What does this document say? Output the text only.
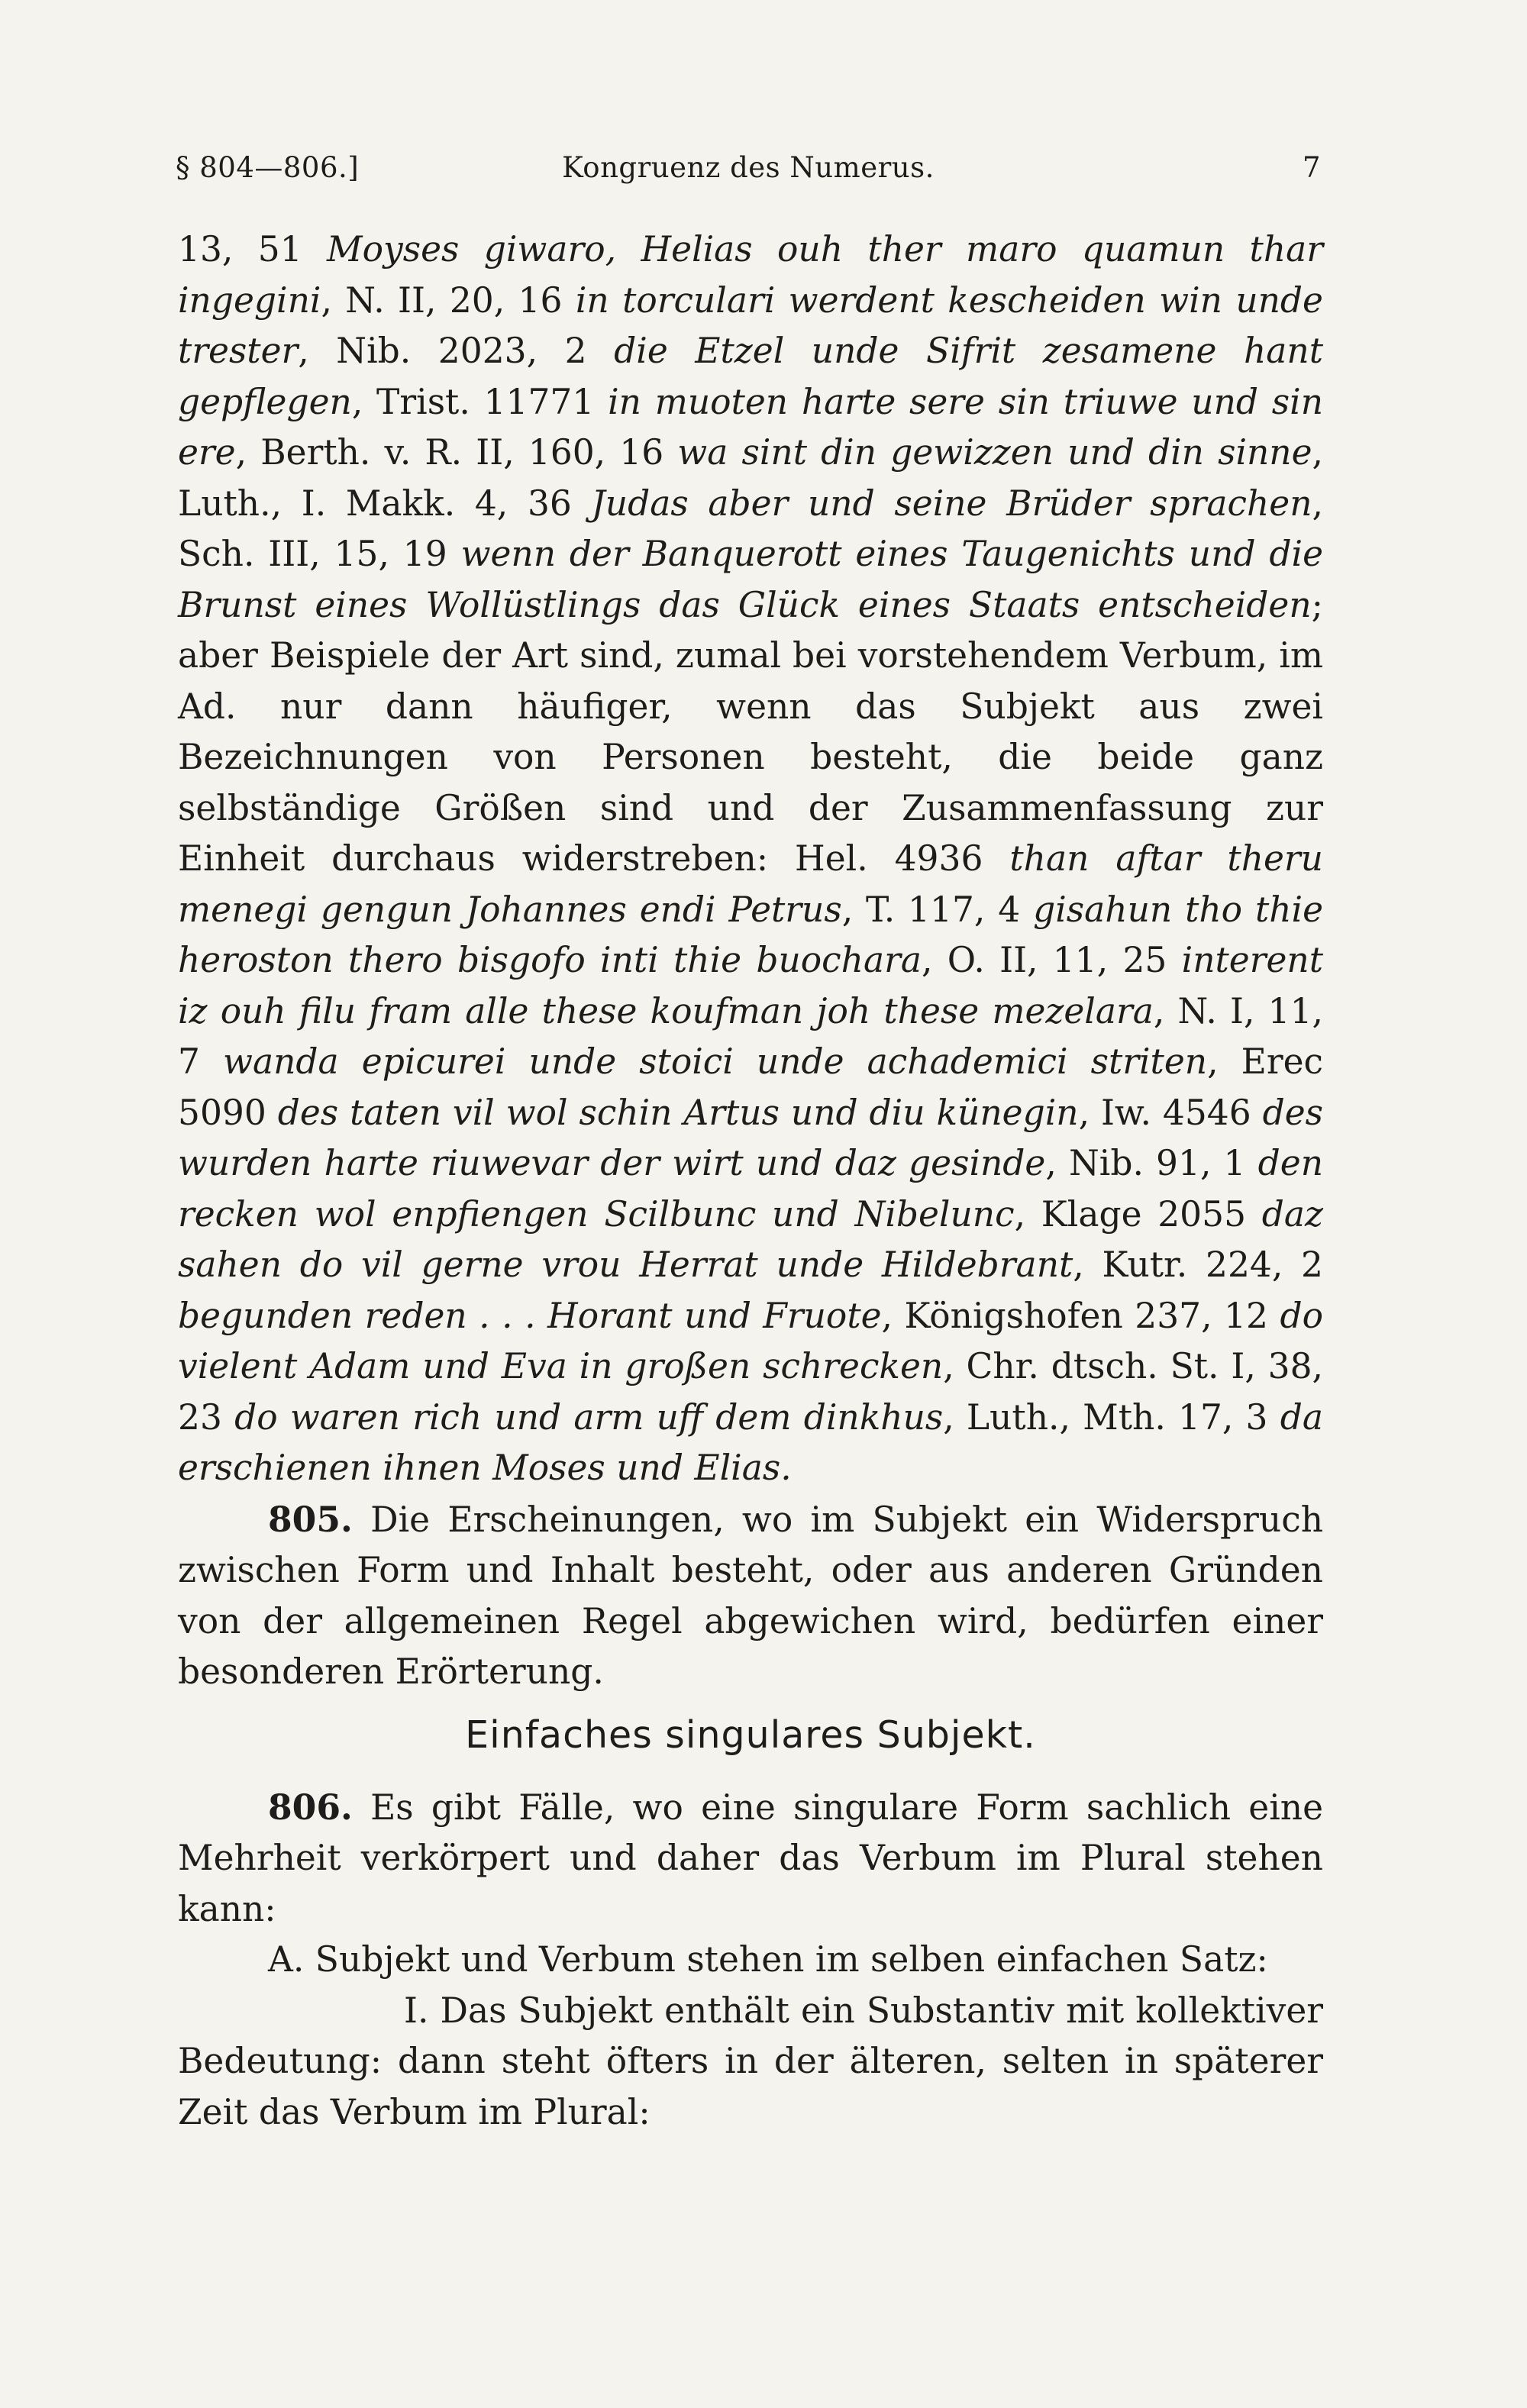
§ 804—806.]	Kongruenz des Numerus.	7

13, 51 Moyses giwaro, Helias ouh ther maro quamun thar ingegini, N. II, 20, 16 in torculari werdent kescheiden win unde trester, Nib. 2023, 2 die Etzel unde Sifrit zesamene hant gepflegen, Trist. 11771 in muoten harte sere sin triuwe und sin ere, Berth. v. R. II, 160, 16 wa sint din gewizzen und din sinne, Luth., I. Makk. 4, 36 Judas aber und seine Brüder sprachen, Sch. III, 15, 19 wenn der Banquerott eines Taugenichts und die Brunst eines Wollüstlings das Glück eines Staats entscheiden; aber Beispiele der Art sind, zumal bei vorstehendem Verbum, im Ad. nur dann häufiger, wenn das Subjekt aus zwei Bezeichnungen von Personen besteht, die beide ganz selbständige Größen sind und der Zusammenfassung zur Einheit durchaus widerstreben: Hel. 4936 than aftar theru menegi gengun Johannes endi Petrus, T. 117, 4 gisahun tho thie heroston thero bisgofo inti thie buochara, O. II, 11, 25 interent iz ouh filu fram alle these koufman joh these mezelara, N. I, 11, 7 wanda epicurei unde stoici unde achademici striten, Erec 5090 des taten vil wol schin Artus und diu künegin, Iw. 4546 des wurden harte riuwevar der wirt und daz gesinde, Nib. 91, 1 den recken wol enpfiengen Scilbunc und Nibelunc, Klage 2055 daz sahen do vil gerne vrou Herrat unde Hildebrant, Kutr. 224, 2 begunden reden . . . Horant und Fruote, Königshofen 237, 12 do vielent Adam und Eva in großen schrecken, Chr. dtsch. St. I, 38, 23 do waren rich und arm uff dem dinkhus, Luth., Mth. 17, 3 da erschienen ihnen Moses und Elias.

805. Die Erscheinungen, wo im Subjekt ein Widerspruch zwischen Form und Inhalt besteht, oder aus anderen Gründen von der allgemeinen Regel abgewichen wird, bedürfen einer besonderen Erörterung.

Einfaches singulares Subjekt.

806. Es gibt Fälle, wo eine singulare Form sachlich eine Mehrheit verkörpert und daher das Verbum im Plural stehen kann:

A. Subjekt und Verbum stehen im selben einfachen Satz:

I. Das Subjekt enthält ein Substantiv mit kollektiver Bedeutung: dann steht öfters in der älteren, selten in späterer Zeit das Verbum im Plural:
